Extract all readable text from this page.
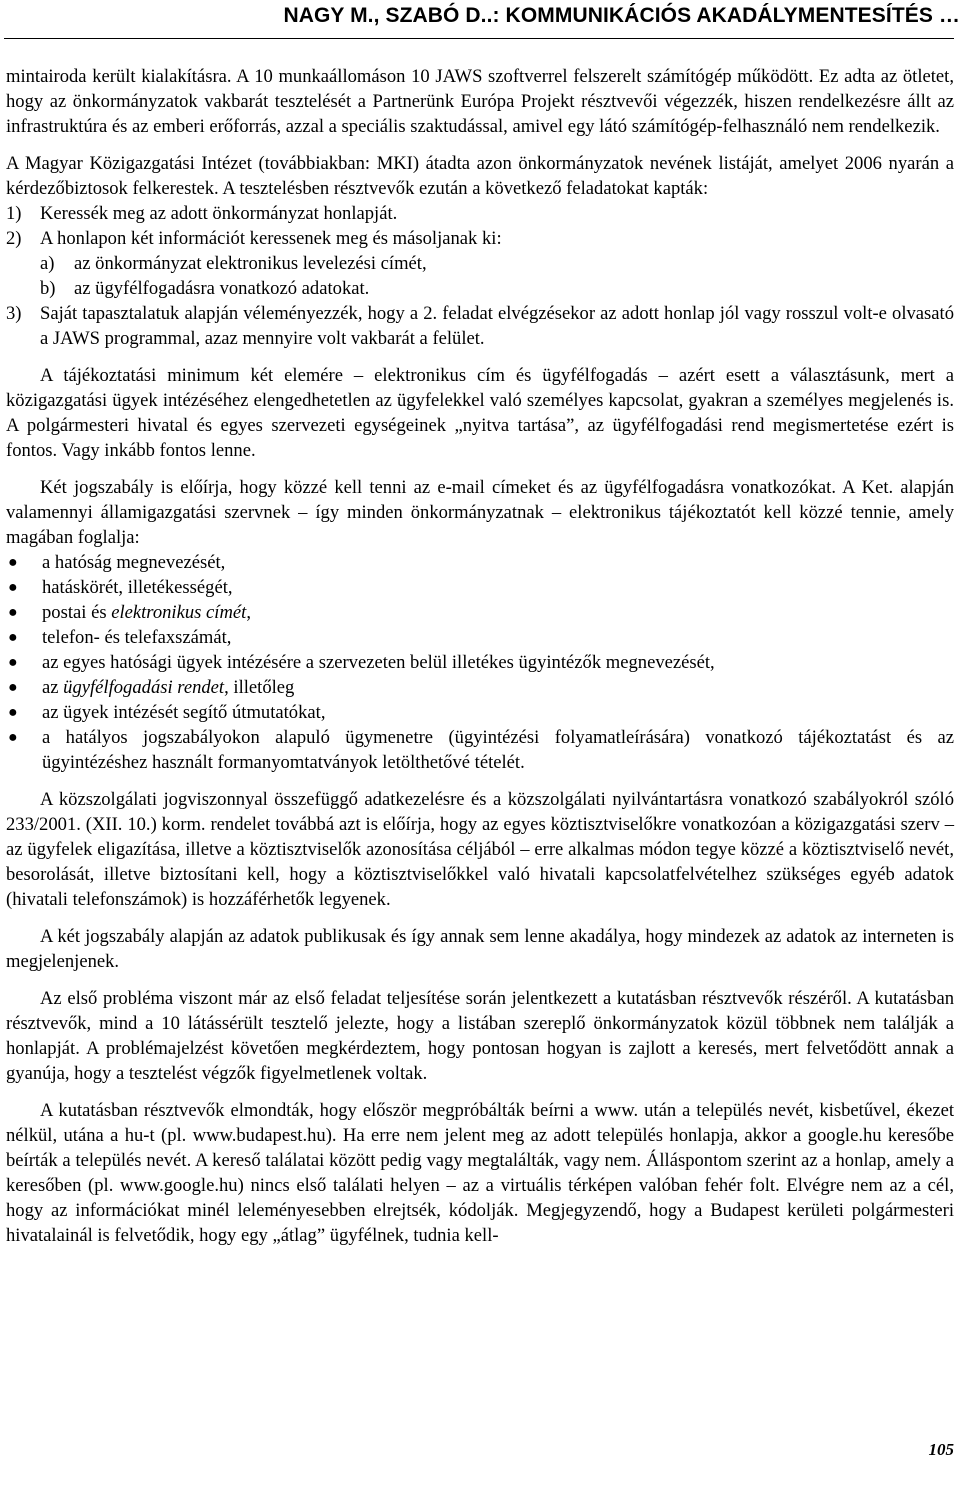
NAGY M., SZABÓ D..: KOMMUNIKÁCIÓS AKADÁLYMENTESÍTÉS …

mintairoda került kialakításra. A 10 munkaállomáson 10 JAWS szoftverrel felszerelt számítógép működött. Ez adta az ötletet, hogy az önkormányzatok vakbarát tesztelését a Partnerünk Európa Projekt résztvevői végezzék, hiszen rendelkezésre állt az infrastruktúra és az emberi erőforrás, azzal a speciális szaktudással, amivel egy látó számítógép-felhasználó nem rendelkezik.

A Magyar Közigazgatási Intézet (továbbiakban: MKI) átadta azon önkormányzatok nevének listáját, amelyet 2006 nyarán a kérdezőbiztosok felkerestek. A tesztelésben résztvevők ezután a következő feladatokat kapták:

1) Keressék meg az adott önkormányzat honlapját.
2) A honlapon két információt keressenek meg és másoljanak ki:
a)	az önkormányzat elektronikus levelezési címét,
b) az ügyfélfogadásra vonatkozó adatokat.
3) Saját tapasztalatuk alapján véleményezzék, hogy a 2. feladat elvégzésekor az adott honlap jól vagy rosszul volt-e olvasató a JAWS programmal, azaz mennyire volt vakbarát a felület.

A tájékoztatási minimum két elemére – elektronikus cím és ügyfélfogadás – azért esett a választásunk, mert a közigazgatási ügyek intézéséhez elengedhetetlen az ügyfelekkel való személyes kapcsolat, gyakran a személyes megjelenés is. A polgármesteri hivatal és egyes szervezeti egységeinek „nyitva tartása”, az ügyfélfogadási rend megismertetése ezért is fontos. Vagy inkább fontos lenne.

Két jogszabály is előírja, hogy közzé kell tenni az e-mail címeket és az ügyfélfogadásra vonatkozókat. A Ket. alapján valamennyi államigazgatási szervnek – így minden önkormányzatnak – elektronikus tájékoztatót kell közzé tennie, amely magában foglalja:

●	a hatóság megnevezését,
●	hatáskörét, illetékességét,
●	postai és elektronikus címét,
●	telefon- és telefaxszámát,
●	az egyes hatósági ügyek intézésére a szervezeten belül illetékes ügyintézők megnevezését,
●	az ügyfélfogadási rendet, illetőleg
●	az ügyek intézését segítő útmutatókat,
●	a hatályos jogszabályokon alapuló ügymenetre (ügyintézési folyamatleírására) vonatkozó tájékoztatást és az ügyintézéshez használt formanyomtatványok letölthetővé tételét.

A közszolgálati jogviszonnyal összefüggő adatkezelésre és a közszolgálati nyilvántartásra vonatkozó szabályokról szóló 233/2001. (XII. 10.) korm. rendelet továbbá azt is előírja, hogy az egyes köztisztviselőkre vonatkozóan a közigazgatási szerv – az ügyfelek eligazítása, illetve a köztisztviselők azonosítása céljából – erre alkalmas módon tegye közzé a köztisztviselő nevét, besorolását, illetve biztosítani kell, hogy a köztisztviselőkkel való hivatali kapcsolatfelvételhez szükséges egyéb adatok (hivatali telefonszámok) is hozzáférhetők legyenek.

A két jogszabály alapján az adatok publikusak és így annak sem lenne akadálya, hogy mindezek az adatok az interneten is megjelenjenek.

Az első probléma viszont már az első feladat teljesítése során jelentkezett a kutatásban résztvevők részéről. A kutatásban résztvevők, mind a 10 látássérült tesztelő jelezte, hogy a listában szereplő önkormányzatok közül többnek nem találják a honlapját. A problémajelzést követően megkérdeztem, hogy pontosan hogyan is zajlott a keresés, mert felvetődött annak a gyanúja, hogy a tesztelést végzők figyelmetlenek voltak.

A kutatásban résztvevők elmondták, hogy először megpróbálták beírni a www. után a település nevét, kisbetűvel, ékezet nélkül, utána a hu-t (pl. www.budapest.hu). Ha erre nem jelent meg az adott település honlapja, akkor a google.hu keresőbe beírták a település nevét. A kereső találatai között pedig vagy megtalálták, vagy nem. Álláspontom szerint az a honlap, amely a keresőben (pl. www.google.hu) nincs első találati helyen – az a virtuális térképen valóban fehér folt. Elvégre nem az a cél, hogy az információkat minél leleményesebben elrejtsék, kódolják. Megjegyzendő, hogy a Budapest kerületi polgármesteri hivatalainál is felvetődik, hogy egy „átlag” ügyfélnek, tudnia kell-

105
